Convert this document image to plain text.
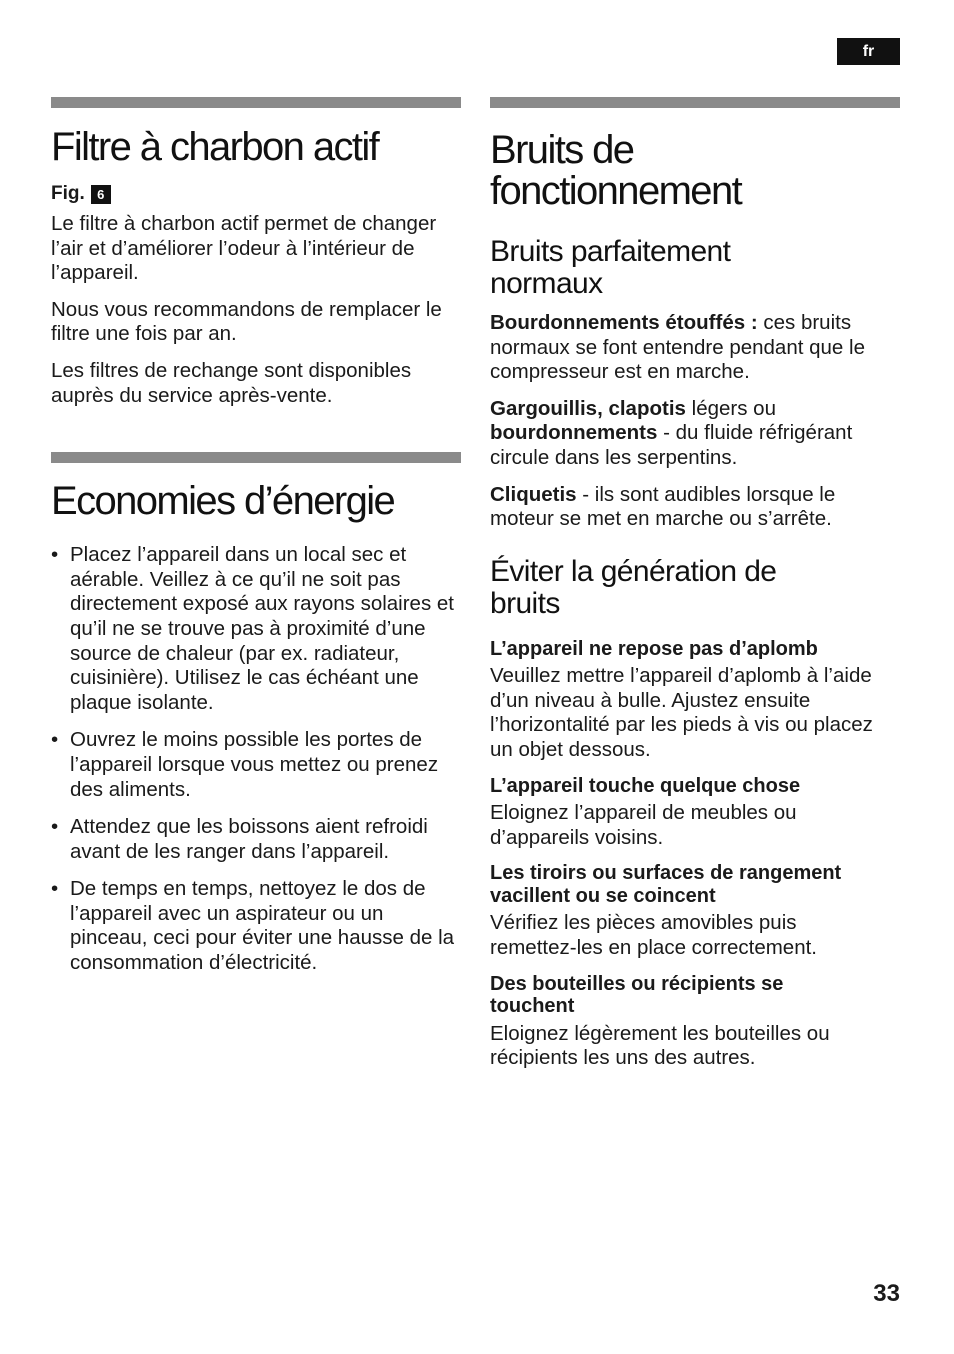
fr
Filtre à charbon actif
Fig. 6

Le filtre à charbon actif permet de changer l’air et d’améliorer l’odeur à l’intérieur de l’appareil.

Nous vous recommandons de remplacer le filtre une fois par an.

Les filtres de rechange sont disponibles auprès du service après-vente.

Economies d’énergie
• Placez l’appareil dans un local sec et aérable. Veillez à ce qu’il ne soit pas directement exposé aux rayons solaires et qu’il ne se trouve pas à proximité d’une source de chaleur (par ex. radiateur, cuisinière). Utilisez le cas échéant une plaque isolante.
• Ouvrez le moins possible les portes de l’appareil lorsque vous mettez ou prenez des aliments.
• Attendez que les boissons aient refroidi avant de les ranger dans l’appareil.
• De temps en temps, nettoyez le dos de l’appareil avec un aspirateur ou un pinceau, ceci pour éviter une hausse de la consommation d’électricité.
Bruits de fonctionnement
Bruits parfaitement normaux

Bourdonnements étouffés : ces bruits normaux se font entendre pendant que le compresseur est en marche.

Gargouillis, clapotis légers ou bourdonnements - du fluide réfrigérant circule dans les serpentins.

Cliquetis - ils sont audibles lorsque le moteur se met en marche ou s’arrête.

Éviter la génération de bruits

L’appareil ne repose pas d’aplomb

Veuillez mettre l’appareil d’aplomb à l’aide d’un niveau à bulle. Ajustez ensuite l’horizontalité par les pieds à vis ou placez un objet dessous.

L’appareil touche quelque chose

Eloignez l’appareil de meubles ou d’appareils voisins.

Les tiroirs ou surfaces de rangement vacillent ou se coincent

Vérifiez les pièces amovibles puis remettez-les en place correctement.

Des bouteilles ou récipients se touchent

Eloignez légèrement les bouteilles ou récipients les uns des autres.

33
